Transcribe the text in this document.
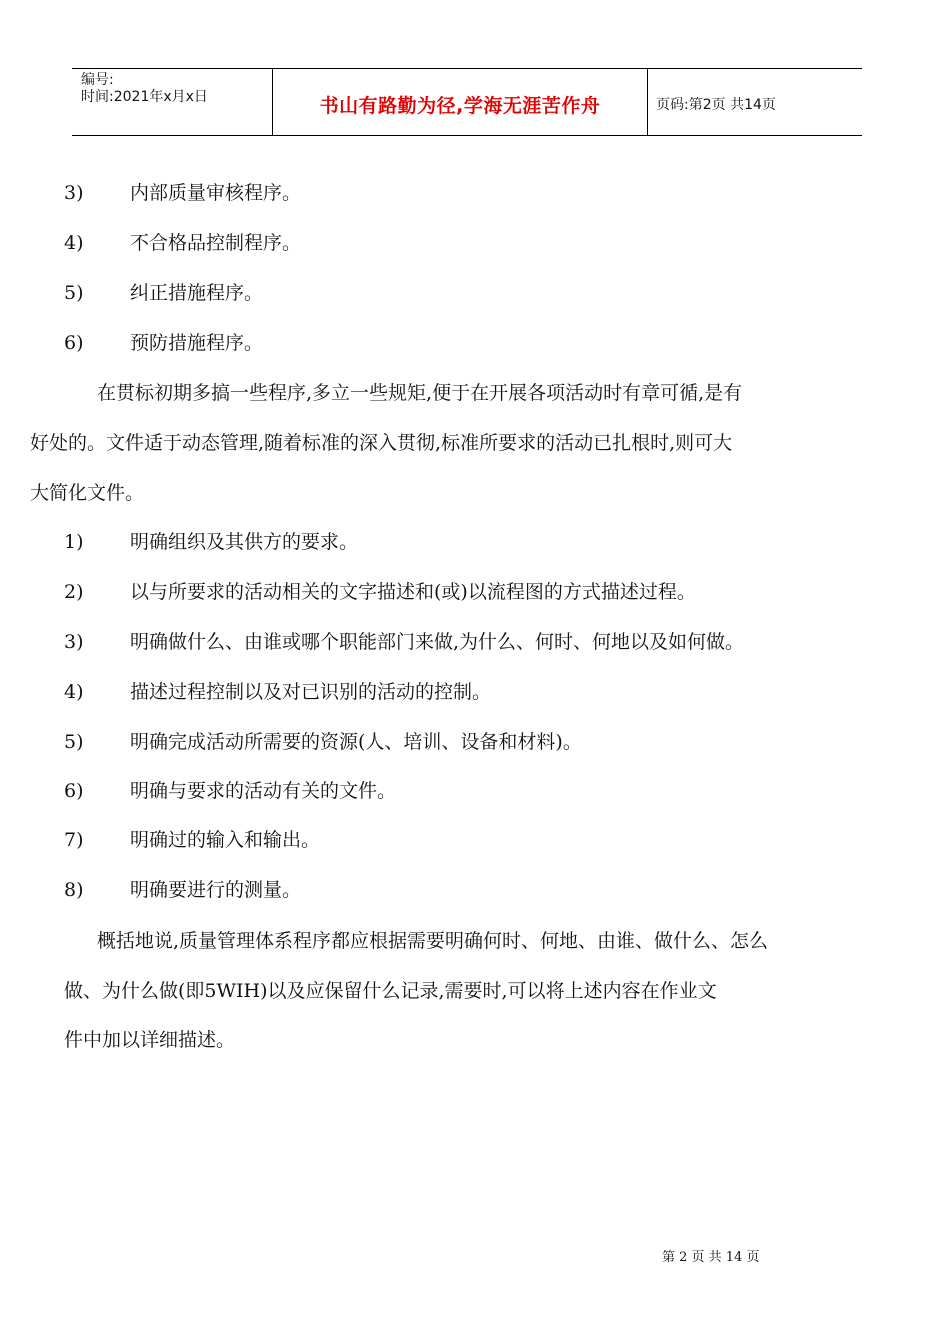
编号:
时间:2021年x月x日	书山有路勤为径,学海无涯苦作舟	页码:第2页 共14页
3) 内部质量审核程序。
4) 不合格品控制程序。
5) 纠正措施程序。
6) 预防措施程序。
在贯标初期多搞一些程序,多立一些规矩,便于在开展各项活动时有章可循,是有
好处的。文件适于动态管理,随着标准的深入贯彻,标准所要求的活动已扎根时,则可大
大简化文件。
1) 明确组织及其供方的要求。
2) 以与所要求的活动相关的文字描述和(或)以流程图的方式描述过程。
3) 明确做什么、由谁或哪个职能部门来做,为什么、何时、何地以及如何做。
4) 描述过程控制以及对已识别的活动的控制。
5) 明确完成活动所需要的资源(人、培训、设备和材料)。
6) 明确与要求的活动有关的文件。
7) 明确过的输入和输出。
8) 明确要进行的测量。
概括地说,质量管理体系程序都应根据需要明确何时、何地、由谁、做什么、怎么
做、为什么做(即5WIH)以及应保留什么记录,需要时,可以将上述内容在作业文
件中加以详细描述。
第 2 页 共 14 页
